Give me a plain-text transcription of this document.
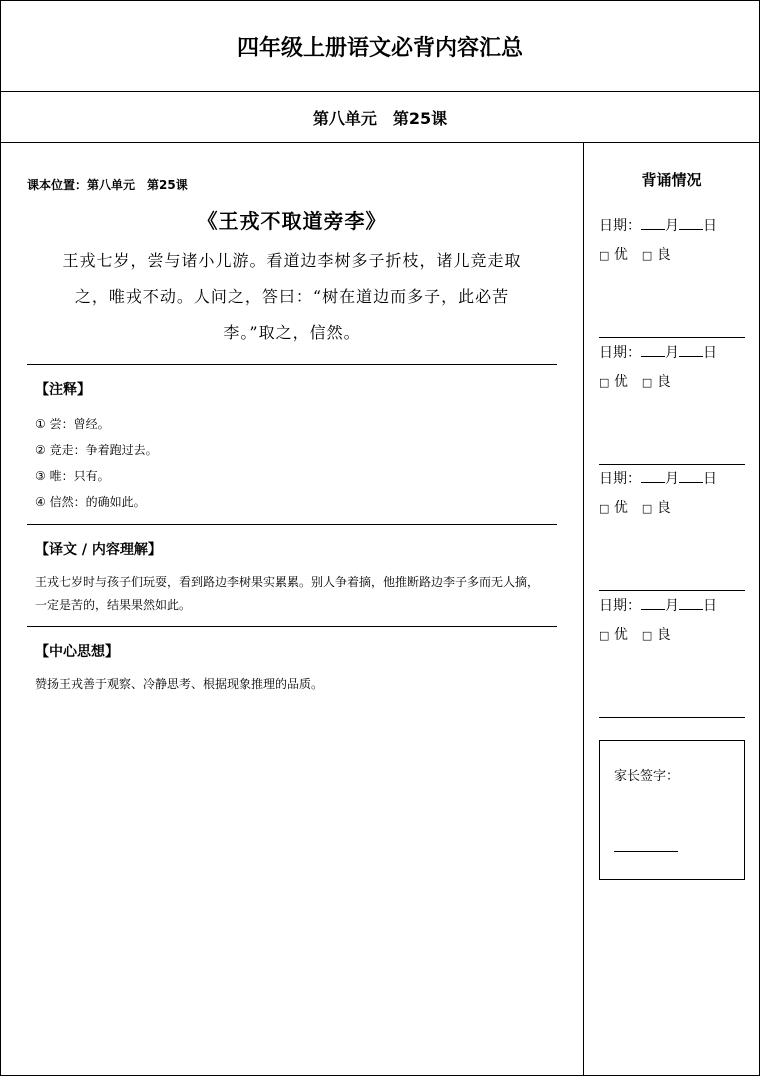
四年级上册语文必背内容汇总
第八单元 第25课
课本位置：第八单元 第25课
《王戎不取道旁李》
王戎七岁，尝与诸小儿游。看道边李树多子折枝，诸儿竞走取
之，唯戎不动。人问之，答曰：“树在道边而多子，此必苦
李。”取之，信然。
【注释】
① 尝：曾经。
② 竞走：争着跑过去。
③ 唯：只有。
④ 信然：的确如此。
【译文 / 内容理解】
王戎七岁时与孩子们玩耍，看到路边李树果实累累。别人争着摘，他推断路边李子多而无人摘，一定是苦的，结果果然如此。
【中心思想】
赞扬王戎善于观察、冷静思考、根据现象推理的品质。
背诵情况
日期： 月 日
□ 优 □ 良
日期： 月 日
□ 优 □ 良
日期： 月 日
□ 优 □ 良
日期： 月 日
□ 优 □ 良
家长签字：
